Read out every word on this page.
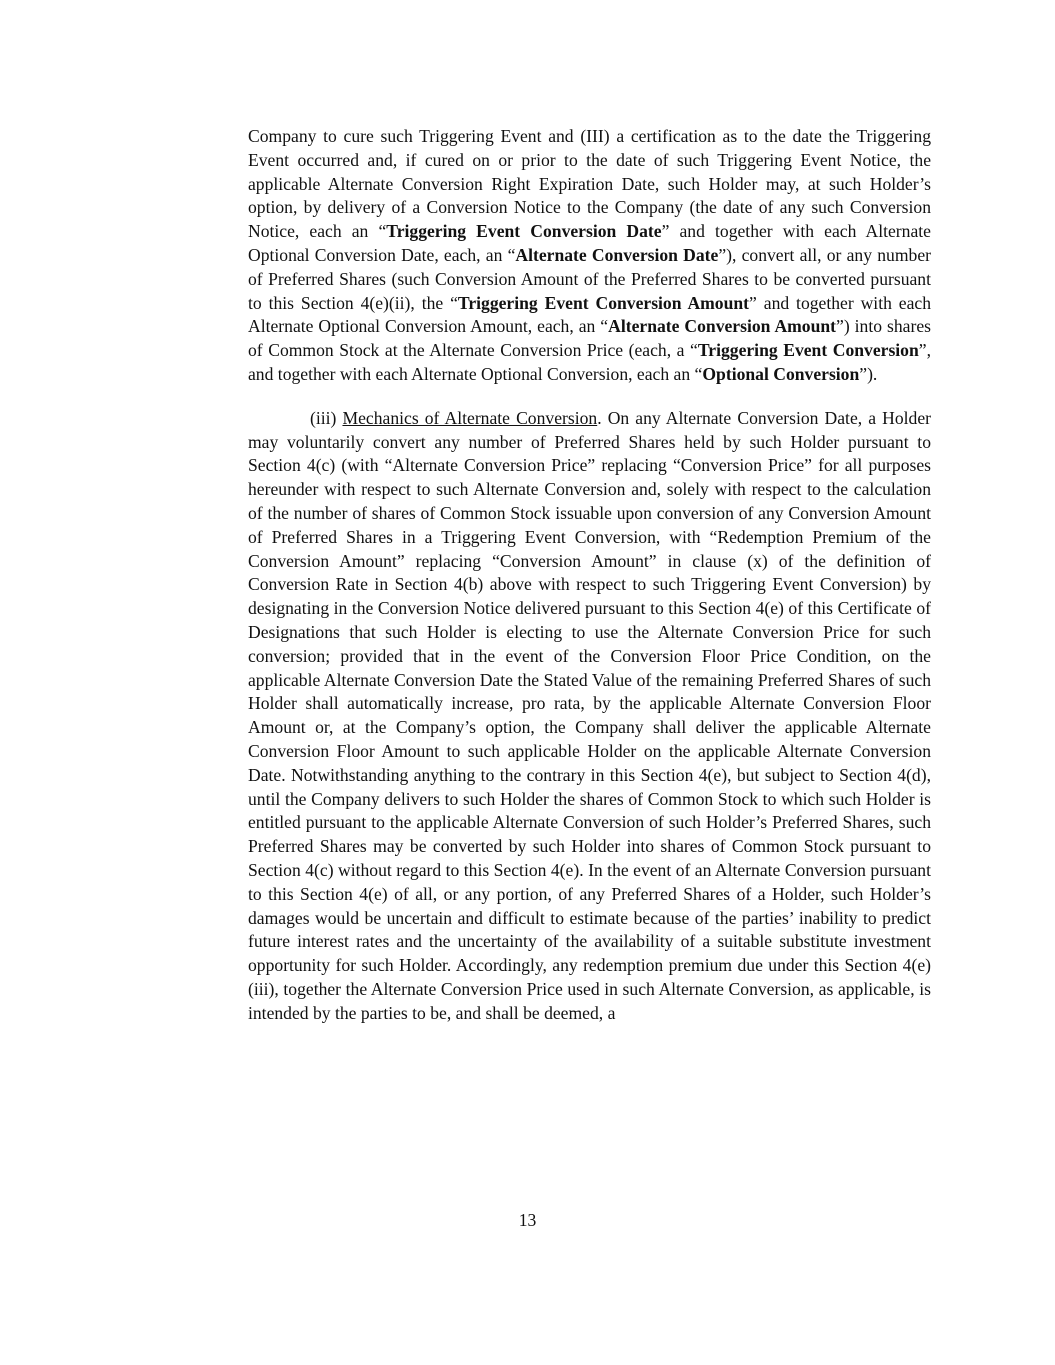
Company to cure such Triggering Event and (III) a certification as to the date the Triggering Event occurred and, if cured on or prior to the date of such Triggering Event Notice, the applicable Alternate Conversion Right Expiration Date, such Holder may, at such Holder’s option, by delivery of a Conversion Notice to the Company (the date of any such Conversion Notice, each an “Triggering Event Conversion Date” and together with each Alternate Optional Conversion Date, each, an “Alternate Conversion Date”), convert all, or any number of Preferred Shares (such Conversion Amount of the Preferred Shares to be converted pursuant to this Section 4(e)(ii), the “Triggering Event Conversion Amount” and together with each Alternate Optional Conversion Amount, each, an “Alternate Conversion Amount”) into shares of Common Stock at the Alternate Conversion Price (each, a “Triggering Event Conversion”, and together with each Alternate Optional Conversion, each an “Optional Conversion”).

(iii) Mechanics of Alternate Conversion. On any Alternate Conversion Date, a Holder may voluntarily convert any number of Preferred Shares held by such Holder pursuant to Section 4(c) (with “Alternate Conversion Price” replacing “Conversion Price” for all purposes hereunder with respect to such Alternate Conversion and, solely with respect to the calculation of the number of shares of Common Stock issuable upon conversion of any Conversion Amount of Preferred Shares in a Triggering Event Conversion, with “Redemption Premium of the Conversion Amount” replacing “Conversion Amount” in clause (x) of the definition of Conversion Rate in Section 4(b) above with respect to such Triggering Event Conversion) by designating in the Conversion Notice delivered pursuant to this Section 4(e) of this Certificate of Designations that such Holder is electing to use the Alternate Conversion Price for such conversion; provided that in the event of the Conversion Floor Price Condition, on the applicable Alternate Conversion Date the Stated Value of the remaining Preferred Shares of such Holder shall automatically increase, pro rata, by the applicable Alternate Conversion Floor Amount or, at the Company’s option, the Company shall deliver the applicable Alternate Conversion Floor Amount to such applicable Holder on the applicable Alternate Conversion Date. Notwithstanding anything to the contrary in this Section 4(e), but subject to Section 4(d), until the Company delivers to such Holder the shares of Common Stock to which such Holder is entitled pursuant to the applicable Alternate Conversion of such Holder’s Preferred Shares, such Preferred Shares may be converted by such Holder into shares of Common Stock pursuant to Section 4(c) without regard to this Section 4(e). In the event of an Alternate Conversion pursuant to this Section 4(e) of all, or any portion, of any Preferred Shares of a Holder, such Holder’s damages would be uncertain and difficult to estimate because of the parties’ inability to predict future interest rates and the uncertainty of the availability of a suitable substitute investment opportunity for such Holder. Accordingly, any redemption premium due under this Section 4(e)(iii), together the Alternate Conversion Price used in such Alternate Conversion, as applicable, is intended by the parties to be, and shall be deemed, a

13
